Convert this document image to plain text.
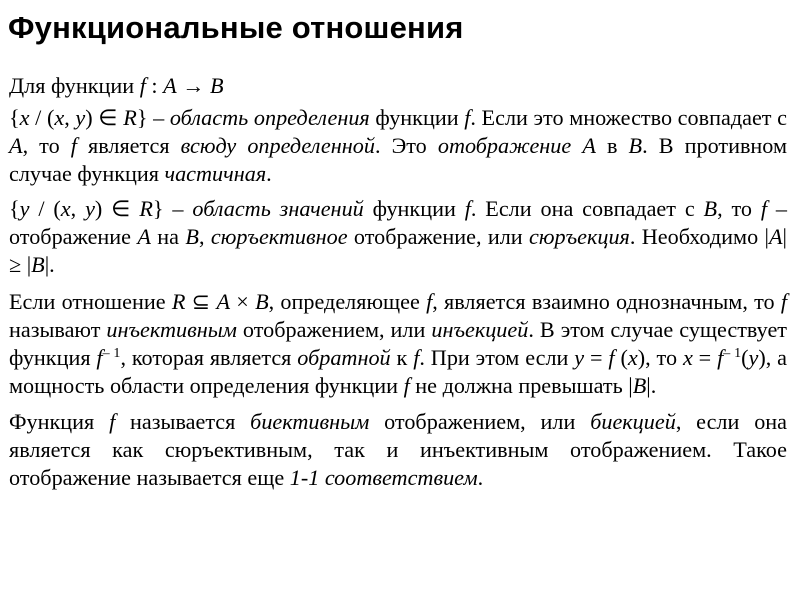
Функциональные отношения

Для функции f : A → B

{x / (x, y) ∈ R} – область определения функции f. Если это множество совпадает с A, то f является всюду определенной. Это отображение A в B. В противном случае функция частичная.

{y / (x, y) ∈ R} – область значений функции f. Если она совпадает с B, то f – отображение A на B, сюръективное отображение, или сюръекция. Необходимо |A| ≥ |B|.

Если отношение R ⊆ A × B, определяющее f, является взаимно однозначным, то f называют инъективным отображением, или инъекцией. В этом случае существует функция $f^{- 1}$, которая является обратной к f. При этом если y = f (x), то $x = f^{- 1}(y)$, а мощность области определения функции f не должна превышать |B|.

Функция f называется биективным отображением, или биекцией, если она является как сюръективным, так и инъективным отображением. Такое отображение называется еще 1-1 соответствием.
